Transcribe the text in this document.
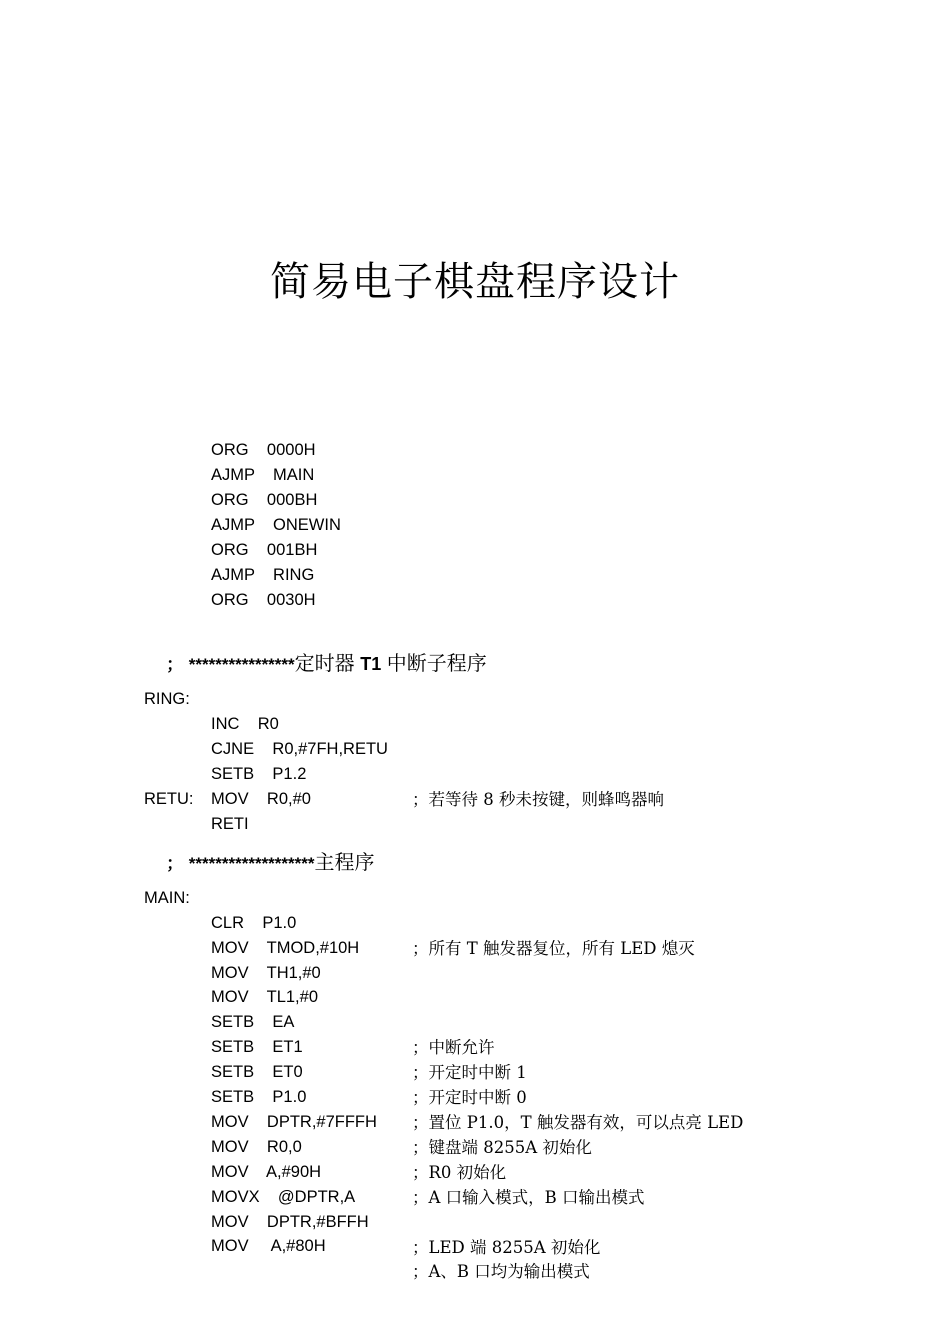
简易电子棋盘程序设计

ORG    0000H

AJMP    MAIN

ORG    000BH

AJMP    ONEWIN

ORG    001BH

AJMP    RING

ORG    0030H

； ****************定时器 T1 中断子程序

RING:

INC    R0

CJNE    R0,#7FH,RETU

SETB    P1.2

；若等待 8 秒未按键，则蜂鸣器响

MOV    R0,#0

RETU:

RETI

； *******************主程序

MAIN:

CLR    P1.0

；所有 T 触发器复位，所有 LED 熄灭

MOV    TMOD,#10H

MOV    TH1,#0

MOV    TL1,#0

SETB    EA

；中断允许

SETB    ET1

；开定时中断 1

SETB    ET0

；开定时中断 0

SETB    P1.0

；置位 P1.0，T 触发器有效，可以点亮 LED

MOV    DPTR,#7FFFH

；键盘端 8255A 初始化

MOV    R0,0

；R0 初始化

MOV    A,#90H

；A 口输入模式，B 口输出模式

MOVX    @DPTR,A

MOV    DPTR,#BFFH

；LED 端 8255A 初始化

MOV     A,#80H

；A、B 口均为输出模式
